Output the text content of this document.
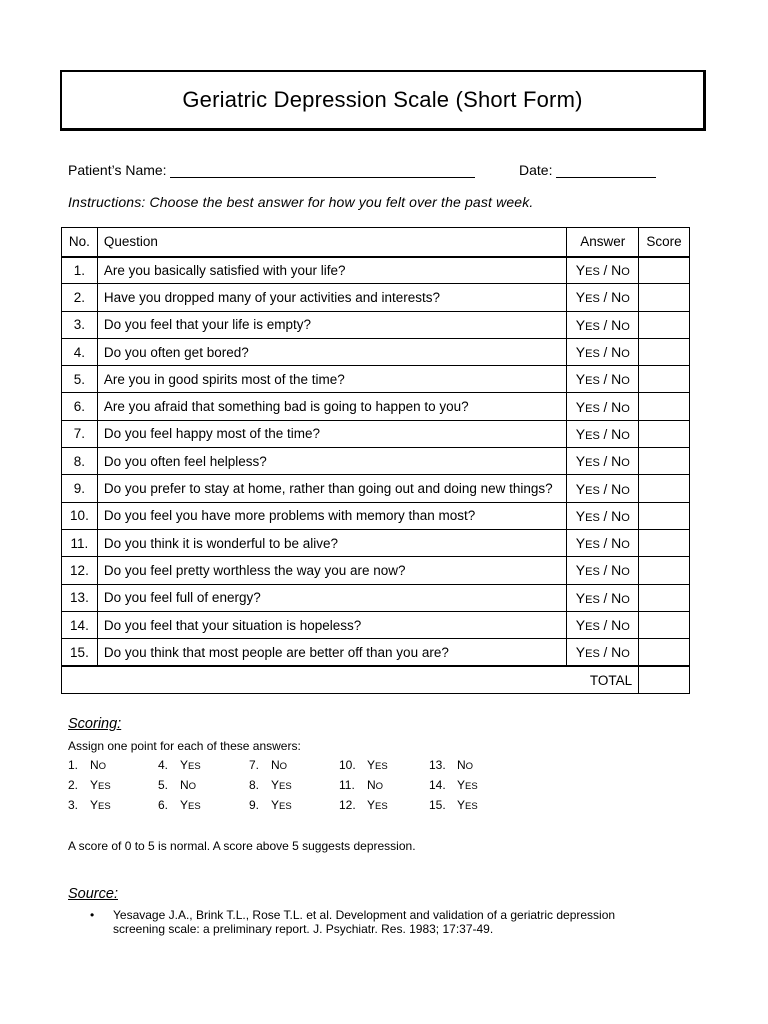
Geriatric Depression Scale (Short Form)
Patient’s Name:	Date:
Instructions: Choose the best answer for how you felt over the past week.
No.	Question	Answer	Score
1.	Are you basically satisfied with your life?	YES / NO	
2.	Have you dropped many of your activities and interests?	YES / NO	
3.	Do you feel that your life is empty?	YES / NO	
4.	Do you often get bored?	YES / NO	
5.	Are you in good spirits most of the time?	YES / NO	
6.	Are you afraid that something bad is going to happen to you?	YES / NO	
7.	Do you feel happy most of the time?	YES / NO	
8.	Do you often feel helpless?	YES / NO	
9.	Do you prefer to stay at home, rather than going out and doing new things?	YES / NO	
10.	Do you feel you have more problems with memory than most?	YES / NO	
11.	Do you think it is wonderful to be alive?	YES / NO	
12.	Do you feel pretty worthless the way you are now?	YES / NO	
13.	Do you feel full of energy?	YES / NO	
14.	Do you feel that your situation is hopeless?	YES / NO	
15.	Do you think that most people are better off than you are?	YES / NO	
TOTAL			
Scoring:
Assign one point for each of these answers:
1. NO
2. YES
3. YES
4. YES
5. NO
6. YES
7. NO
8. YES
9. YES
10. YES
11. NO
12. YES
13. NO
14. YES
15. YES
A score of 0 to 5 is normal. A score above 5 suggests depression.
Source:
• Yesavage J.A., Brink T.L., Rose T.L. et al. Development and validation of a geriatric depression screening scale: a preliminary report. J. Psychiatr. Res. 1983; 17:37-49.
